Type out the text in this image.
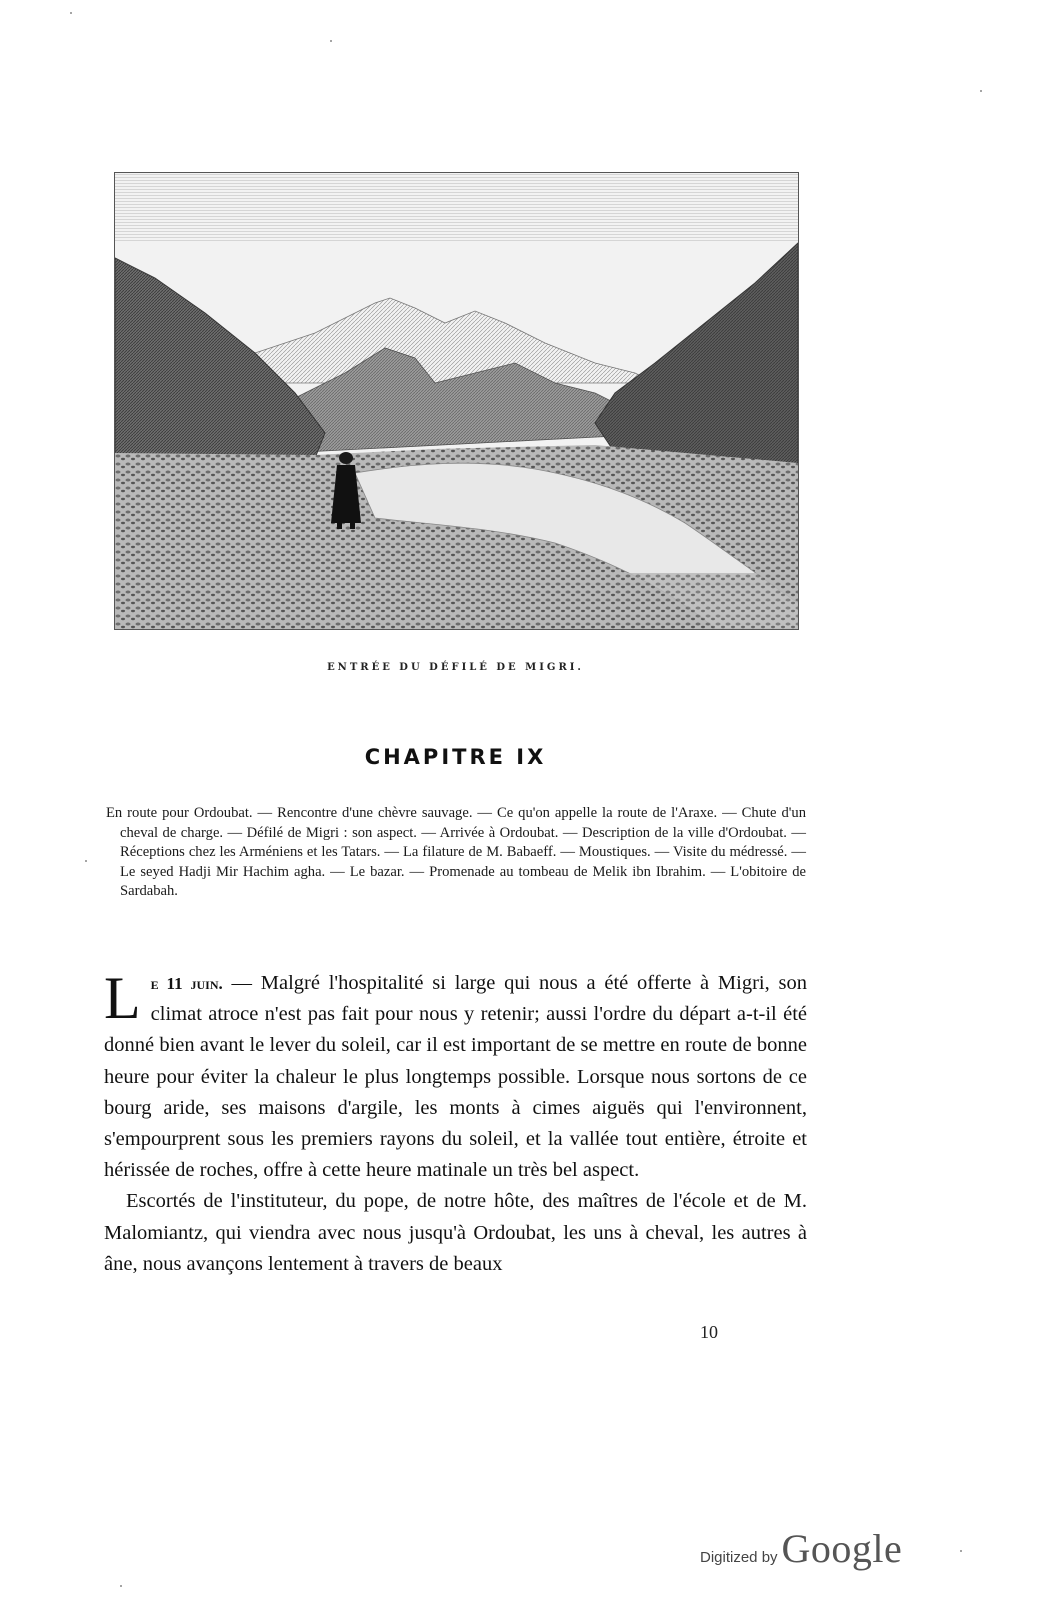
ENTRÉE DU DÉFILÉ DE MIGRI.
CHAPITRE IX
En route pour Ordoubat. — Rencontre d'une chèvre sauvage. — Ce qu'on appelle la route de l'Araxe. — Chute d'un cheval de charge. — Défilé de Migri : son aspect. — Arrivée à Ordoubat. — Description de la ville d'Ordoubat. — Réceptions chez les Arméniens et les Tatars. — La filature de M. Babaeff. — Moustiques. — Visite du médressé. — Le seyed Hadji Mir Hachim agha. — Le bazar. — Promenade au tombeau de Melik ibn Ibrahim. — L'obitoire de Sardabah.

Le 11 juin. — Malgré l'hospitalité si large qui nous a été offerte à Migri, son climat atroce n'est pas fait pour nous y retenir; aussi l'ordre du départ a-t-il été donné bien avant le lever du soleil, car il est important de se mettre en route de bonne heure pour éviter la chaleur le plus longtemps possible. Lorsque nous sortons de ce bourg aride, ses maisons d'argile, les monts à cimes aiguës qui l'environnent, s'empourprent sous les premiers rayons du soleil, et la vallée tout entière, étroite et hérissée de roches, offre à cette heure matinale un très bel aspect.

Escortés de l'instituteur, du pope, de notre hôte, des maîtres de l'école et de M. Malomiantz, qui viendra avec nous jusqu'à Ordoubat, les uns à cheval, les autres à âne, nous avançons lentement à travers de beaux

10
Digitized by Google
